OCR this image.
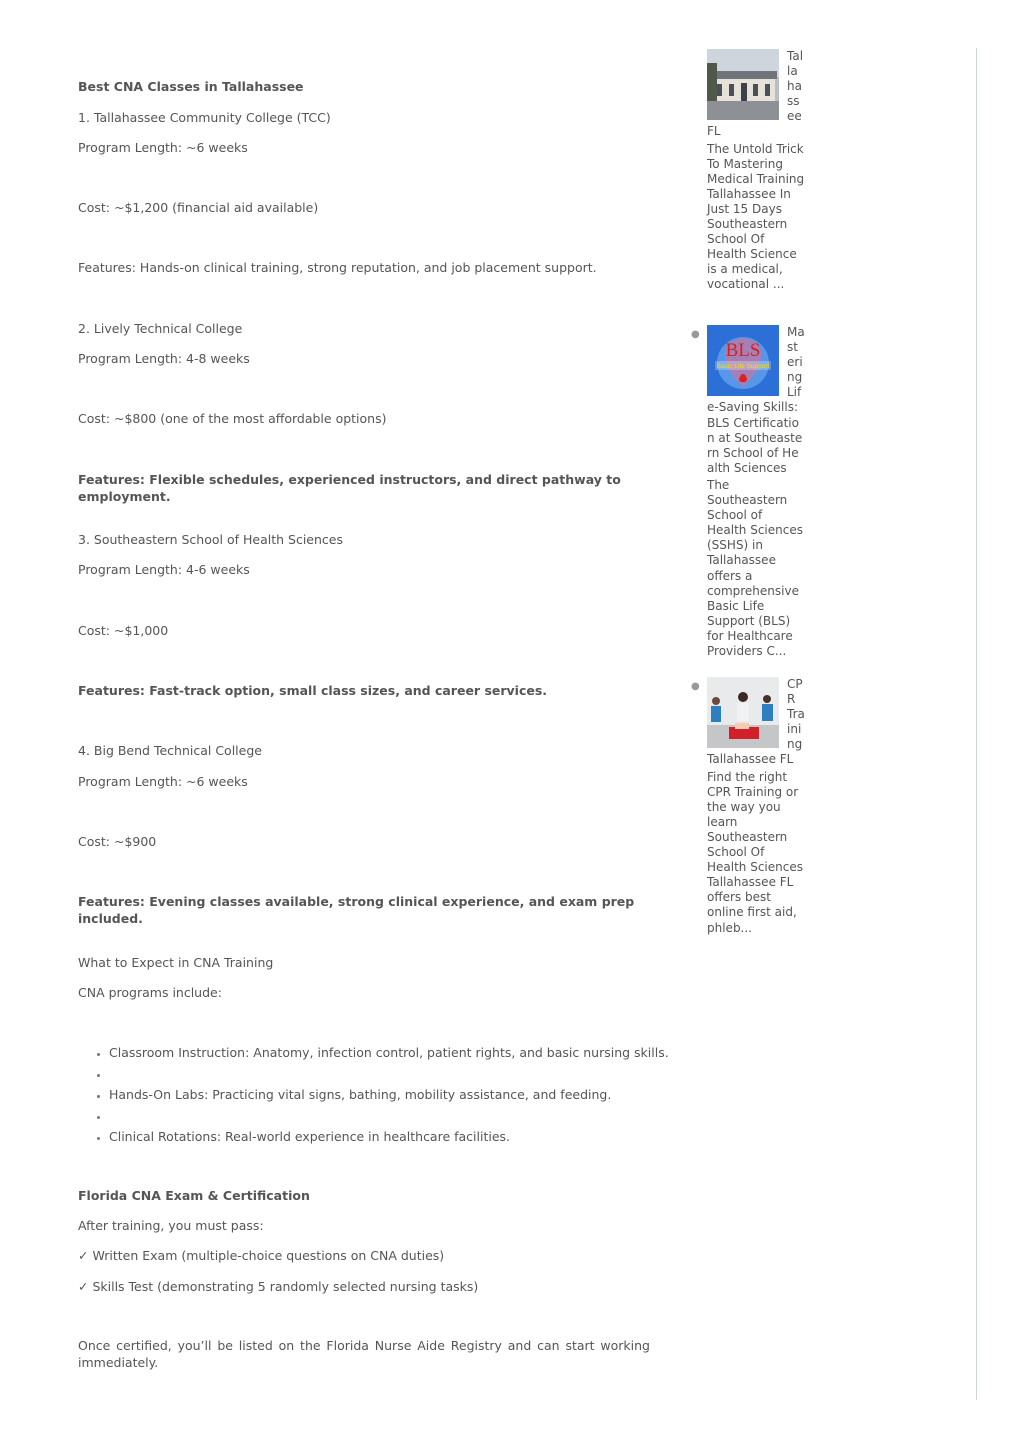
Best CNA Classes in Tallahassee

1. Tallahassee Community College (TCC)

Program Length: ~6 weeks

Cost: ~$1,200 (financial aid available)

Features: Hands-on clinical training, strong reputation, and job placement support.

2. Lively Technical College

Program Length: 4-8 weeks

Cost: ~$800 (one of the most affordable options)

Features: Flexible schedules, experienced instructors, and direct pathway to employment.

3. Southeastern School of Health Sciences

Program Length: 4-6 weeks

Cost: ~$1,000

Features: Fast-track option, small class sizes, and career services.

4. Big Bend Technical College

Program Length: ~6 weeks

Cost: ~$900

Features: Evening classes available, strong clinical experience, and exam prep included.

What to Expect in CNA Training

CNA programs include:

• Classroom Instruction: Anatomy, infection control, patient rights, and basic nursing skills.
•
• Hands-On Labs: Practicing vital signs, bathing, mobility assistance, and feeding.
•
• Clinical Rotations: Real-world experience in healthcare facilities.

Florida CNA Exam & Certification

After training, you must pass:

✓ Written Exam (multiple-choice questions on CNA duties)

✓ Skills Test (demonstrating 5 randomly selected nursing tasks)

Once certified, you’ll be listed on the Florida Nurse Aide Registry and can start working immediately.

Tallahassee FL
The Untold Trick To Mastering Medical Training Tallahassee In Just 15 Days Southeastern School Of Health Science is a medical, vocational ...
●
BLS
Basic Life Support
Mastering Life-Saving Skills: BLS Certification at Southeastern School of Health Sciences
The Southeastern School of Health Sciences (SSHS) in Tallahassee offers a comprehensive Basic Life Support (BLS) for Healthcare Providers C...
●	CPR Training Tallahassee FL
Find the right CPR Training or the way you learn Southeastern School Of Health Sciences Tallahassee FL offers best online first aid, phleb...
